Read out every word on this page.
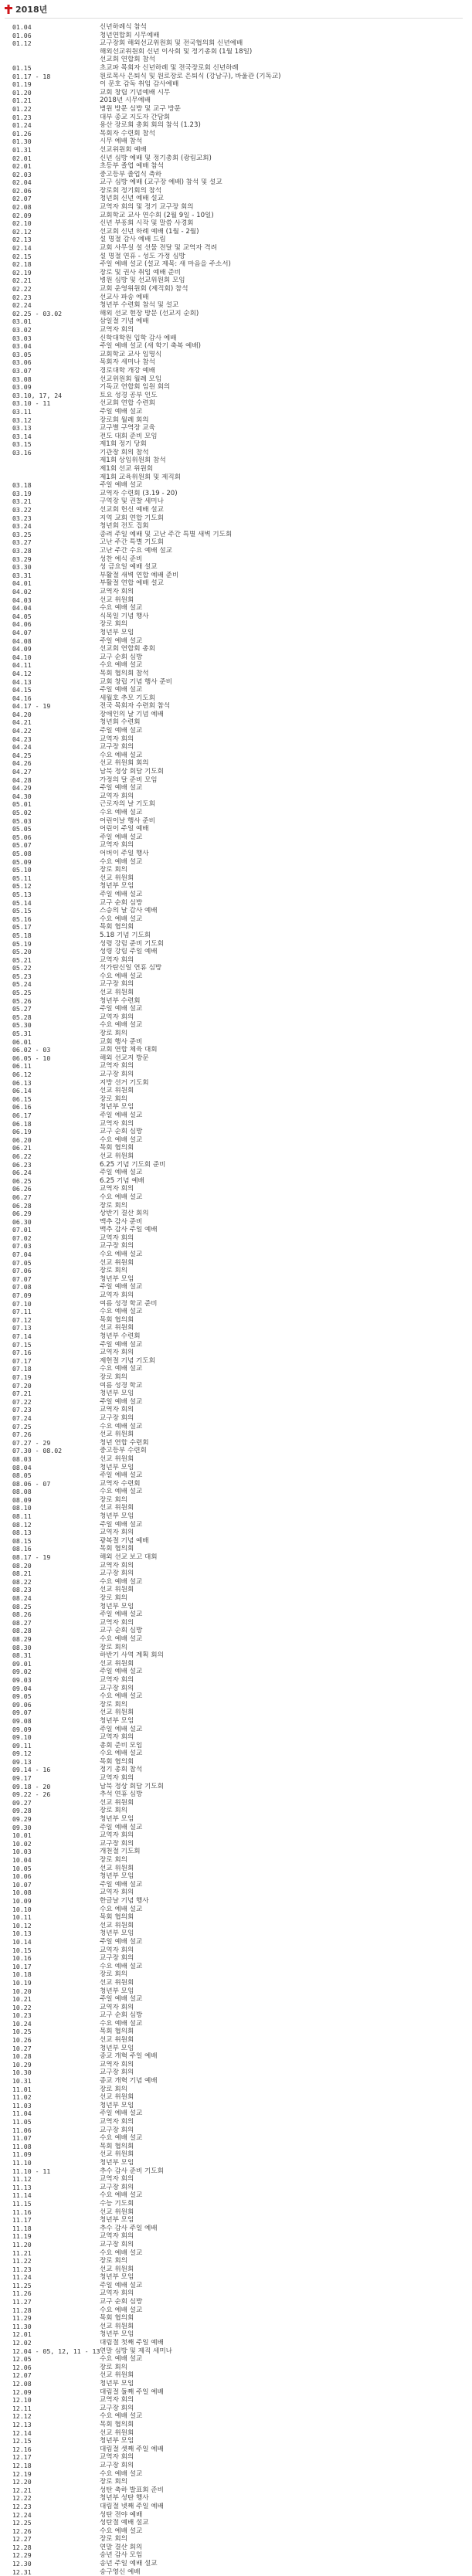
2018년
01.04	신년하례식 참석
01.06	청년연합회 시무예배
01.12	교구장회 해외선교위원회 및 전국협의회 신년예배
해외선교위원회 신년 이사회 및 정기총회 (1월 18일)
선교회 연합회 참석
01.15	초교파 목회자 신년하례 및 전국장로회 신년하례
01.17 - 18	원로목사 은퇴식 및 원로장로 은퇴식 (강남구), 바울관 (기독교)
01.19	이 문호 감독 취임 감사예배
01.20	교회 창립 기념예배 시무
01.21	2018년 시무예배
01.22	병원 방문 심방 및 교구 방문
01.23	대부 종교 지도자 간담회
01.24	용산 장로회 총회 회의 참석 (1.23)
01.26	목회자 수련회 참석
01.30	시무 예배 참석
01.31	선교위원회 예배
02.01	신년 심방 예배 및 정기총회 (광림교회)
02.01	초등부 졸업 예배 참석
02.03	중고등부 졸업식 축하
02.04	교구 심방 예배 (교구장 예배) 참석 및 설교
02.06	장로회 정기회의 참석
02.07	청년회 신년 예배 설교
02.08	교역자 회의 및 정기 교구장 회의
02.09	교회학교 교사 연수회 (2월 9일 - 10일)
02.10	신년 부흥회 시작 및 말씀 사경회
02.12	선교회 신년 하례 예배 (1월 - 2월)
02.13	설 명절 감사 예배 드림
02.14	교회 사무실 설 선물 전달 및 교역자 격려
02.15	설 명절 연휴 - 성도 가정 심방
02.18	주일 예배 설교 (설교 제목: 새 마음을 주소서)
02.19	장로 및 권사 취임 예배 준비
02.21	병원 심방 및 선교위원회 모임
02.22	교회 운영위원회 (제직회) 참석
02.23	선교사 파송 예배
02.24	청년부 수련회 참석 및 설교
02.25 - 03.02	해외 선교 현장 방문 (선교지 순회)
03.01	삼일절 기념 예배
03.02	교역자 회의
03.03	신학대학원 입학 감사 예배
03.04	주일 예배 설교 (새 학기 축복 예배)
03.05	교회학교 교사 임명식
03.06	목회자 세미나 참석
03.07	경로대학 개강 예배
03.08	선교위원회 월례 모임
03.09	기독교 연합회 임원 회의
03.10, 17, 24	토요 성경 공부 인도
03.10 - 11	선교회 연합 수련회
03.11	주일 예배 설교
03.12	장로회 월례 회의
03.13	교구별 구역장 교육
03.14	전도 대회 준비 모임
03.15	제1회 정기 당회
03.16	기관장 회의 참석
제1회 상임위원회 참석
제1회 선교 위원회
제1회 교육위원회 및 제직회
03.18	주일 예배 설교
03.19	교역자 수련회 (3.19 - 20)
03.21	구역장 및 권찰 세미나
03.22	선교회 헌신 예배 설교
03.23	지역 교회 연합 기도회
03.24	청년회 전도 집회
03.25	종려 주일 예배 및 고난 주간 특별 새벽 기도회
03.27	고난 주간 특별 기도회
03.28	고난 주간 수요 예배 설교
03.29	성찬 예식 준비
03.30	성 금요일 예배 설교
03.31	부활절 새벽 연합 예배 준비
04.01	부활절 연합 예배 설교
04.02	교역자 회의
04.03	선교 위원회
04.04	수요 예배 설교
04.05	식목일 기념 행사
04.06	장로 회의
04.07	청년부 모임
04.08	주일 예배 설교
04.09	선교회 연합회 총회
04.10	교구 순회 심방
04.11	수요 예배 설교
04.12	목회 협의회 참석
04.13	교회 창립 기념 행사 준비
04.15	주일 예배 설교
04.16	세월호 추모 기도회
04.17 - 19	전국 목회자 수련회 참석
04.20	장애인의 날 기념 예배
04.21	청년회 수련회
04.22	주일 예배 설교
04.23	교역자 회의
04.24	교구장 회의
04.25	수요 예배 설교
04.26	선교 위원회 회의
04.27	남북 정상 회담 기도회
04.28	가정의 달 준비 모임
04.29	주일 예배 설교
04.30	교역자 회의
05.01	근로자의 날 기도회
05.02	수요 예배 설교
05.03	어린이날 행사 준비
05.05	어린이 주일 예배
05.06	주일 예배 설교
05.07	교역자 회의
05.08	어버이 주일 행사
05.09	수요 예배 설교
05.10	장로 회의
05.11	선교 위원회
05.12	청년부 모임
05.13	주일 예배 설교
05.14	교구 순회 심방
05.15	스승의 날 감사 예배
05.16	수요 예배 설교
05.17	목회 협의회
05.18	5.18 기념 기도회
05.19	성령 강림 준비 기도회
05.20	성령 강림 주일 예배
05.21	교역자 회의
05.22	석가탄신일 연휴 심방
05.23	수요 예배 설교
05.24	교구장 회의
05.25	선교 위원회
05.26	청년부 수련회
05.27	주일 예배 설교
05.28	교역자 회의
05.30	수요 예배 설교
05.31	장로 회의
06.01	교회 행사 준비
06.02 - 03	교회 연합 체육 대회
06.05 - 10	해외 선교지 방문
06.11	교역자 회의
06.12	교구장 회의
06.13	지방 선거 기도회
06.14	선교 위원회
06.15	장로 회의
06.16	청년부 모임
06.17	주일 예배 설교
06.18	교역자 회의
06.19	교구 순회 심방
06.20	수요 예배 설교
06.21	목회 협의회
06.22	선교 위원회
06.23	6.25 기념 기도회 준비
06.24	주일 예배 설교
06.25	6.25 기념 예배
06.26	교역자 회의
06.27	수요 예배 설교
06.28	장로 회의
06.29	상반기 결산 회의
06.30	맥추 감사 준비
07.01	맥추 감사 주일 예배
07.02	교역자 회의
07.03	교구장 회의
07.04	수요 예배 설교
07.05	선교 위원회
07.06	장로 회의
07.07	청년부 모임
07.08	주일 예배 설교
07.09	교역자 회의
07.10	여름 성경 학교 준비
07.11	수요 예배 설교
07.12	목회 협의회
07.13	선교 위원회
07.14	청년부 수련회
07.15	주일 예배 설교
07.16	교역자 회의
07.17	제헌절 기념 기도회
07.18	수요 예배 설교
07.19	장로 회의
07.20	여름 성경 학교
07.21	청년부 모임
07.22	주일 예배 설교
07.23	교역자 회의
07.24	교구장 회의
07.25	수요 예배 설교
07.26	선교 위원회
07.27 - 29	청년 연합 수련회
07.30 - 08.02	중고등부 수련회
08.03	선교 위원회
08.04	청년부 모임
08.05	주일 예배 설교
08.06 - 07	교역자 수련회
08.08	수요 예배 설교
08.09	장로 회의
08.10	선교 위원회
08.11	청년부 모임
08.12	주일 예배 설교
08.13	교역자 회의
08.15	광복절 기념 예배
08.16	목회 협의회
08.17 - 19	해외 선교 보고 대회
08.20	교역자 회의
08.21	교구장 회의
08.22	수요 예배 설교
08.23	선교 위원회
08.24	장로 회의
08.25	청년부 모임
08.26	주일 예배 설교
08.27	교역자 회의
08.28	교구 순회 심방
08.29	수요 예배 설교
08.30	장로 회의
08.31	하반기 사역 계획 회의
09.01	선교 위원회
09.02	주일 예배 설교
09.03	교역자 회의
09.04	교구장 회의
09.05	수요 예배 설교
09.06	장로 회의
09.07	선교 위원회
09.08	청년부 모임
09.09	주일 예배 설교
09.10	교역자 회의
09.11	총회 준비 모임
09.12	수요 예배 설교
09.13	목회 협의회
09.14 - 16	정기 총회 참석
09.17	교역자 회의
09.18 - 20	남북 정상 회담 기도회
09.22 - 26	추석 연휴 심방
09.27	선교 위원회
09.28	장로 회의
09.29	청년부 모임
09.30	주일 예배 설교
10.01	교역자 회의
10.02	교구장 회의
10.03	개천절 기도회
10.04	장로 회의
10.05	선교 위원회
10.06	청년부 모임
10.07	주일 예배 설교
10.08	교역자 회의
10.09	한글날 기념 행사
10.10	수요 예배 설교
10.11	목회 협의회
10.12	선교 위원회
10.13	청년부 모임
10.14	주일 예배 설교
10.15	교역자 회의
10.16	교구장 회의
10.17	수요 예배 설교
10.18	장로 회의
10.19	선교 위원회
10.20	청년부 모임
10.21	주일 예배 설교
10.22	교역자 회의
10.23	교구 순회 심방
10.24	수요 예배 설교
10.25	목회 협의회
10.26	선교 위원회
10.27	청년부 모임
10.28	종교 개혁 주일 예배
10.29	교역자 회의
10.30	교구장 회의
10.31	종교 개혁 기념 예배
11.01	장로 회의
11.02	선교 위원회
11.03	청년부 모임
11.04	주일 예배 설교
11.05	교역자 회의
11.06	교구장 회의
11.07	수요 예배 설교
11.08	목회 협의회
11.09	선교 위원회
11.10	청년부 모임
11.10 - 11	추수 감사 준비 기도회
11.12	교역자 회의
11.13	교구장 회의
11.14	수요 예배 설교
11.15	수능 기도회
11.16	선교 위원회
11.17	청년부 모임
11.18	추수 감사 주일 예배
11.19	교역자 회의
11.20	교구장 회의
11.21	수요 예배 설교
11.22	장로 회의
11.23	선교 위원회
11.24	청년부 모임
11.25	주일 예배 설교
11.26	교역자 회의
11.27	교구 순회 심방
11.28	수요 예배 설교
11.29	목회 협의회
11.30	선교 위원회
12.01	청년부 모임
12.02	대림절 첫째 주일 예배
12.04 - 05, 12, 11 - 13 연말 심방 및 제직 세미나
12.05	수요 예배 설교
12.06	장로 회의
12.07	선교 위원회
12.08	청년부 모임
12.09	대림절 둘째 주일 예배
12.10	교역자 회의
12.11	교구장 회의
12.12	수요 예배 설교
12.13	목회 협의회
12.14	선교 위원회
12.15	청년부 모임
12.16	대림절 셋째 주일 예배
12.17	교역자 회의
12.18	교구장 회의
12.19	수요 예배 설교
12.20	장로 회의
12.21	성탄 축하 발표회 준비
12.22	청년부 성탄 행사
12.23	대림절 넷째 주일 예배
12.24	성탄 전야 예배
12.25	성탄절 예배 설교
12.26	수요 예배 설교
12.27	장로 회의
12.28	연말 결산 회의
12.29	송년 감사 모임
12.30	송년 주일 예배 설교
12.31	송구영신 예배
